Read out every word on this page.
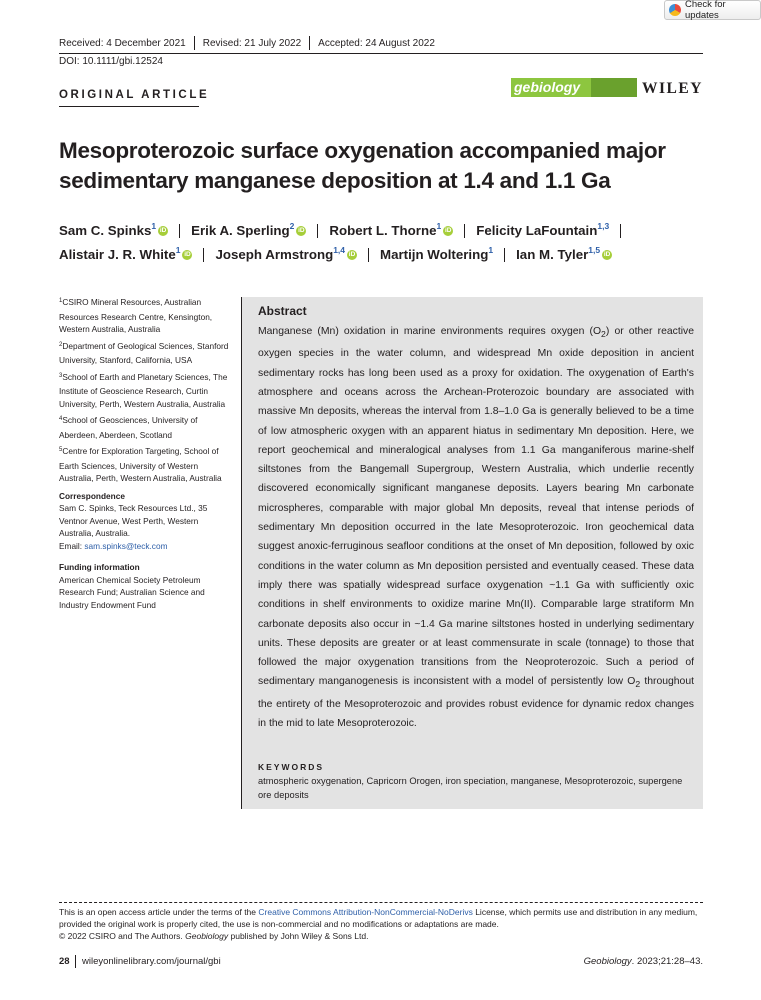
Check for updates
Received: 4 December 2021 Revised: 21 July 2022 Accepted: 24 August 2022
DOI: 10.1111/gbi.12524
ORIGINAL ARTICLE	gebiology	WILEY
Mesoproterozoic surface oxygenation accompanied major sedimentary manganese deposition at 1.4 and 1.1 Ga
Sam C. Spinks$^1$ iD Erik A. Sperling$^2$ iD Robert L. Thorne$^1$ iD Felicity LaFountain$^{1,3}$
Alistair J. R. White$^1$ iD Joseph Armstrong$^{1,4}$ iD Martijn Woltering$^1$ Ian M. Tyler$^{1,5}$ iD

$^1$CSIRO Mineral Resources, Australian Resources Research Centre, Kensington, Western Australia, Australia

$^2$Department of Geological Sciences, Stanford University, Stanford, California, USA

$^3$School of Earth and Planetary Sciences, The Institute of Geoscience Research, Curtin University, Perth, Western Australia, Australia

$^4$School of Geosciences, University of Aberdeen, Aberdeen, Scotland

$^5$Centre for Exploration Targeting, School of Earth Sciences, University of Western Australia, Perth, Western Australia, Australia

Correspondence

Sam C. Spinks, Teck Resources Ltd., 35 Ventnor Avenue, West Perth, Western Australia, Australia.

Email: sam.spinks@teck.com

Funding information

American Chemical Society Petroleum Research Fund; Australian Science and Industry Endowment Fund

Abstract

Manganese (Mn) oxidation in marine environments requires oxygen $(O_2)$ or other reactive oxygen species in the water column, and widespread Mn oxide deposition in ancient sedimentary rocks has long been used as a proxy for oxidation. The oxygenation of Earth's atmosphere and oceans across the Archean-Proterozoic boundary are associated with massive Mn deposits, whereas the interval from 1.8–1.0 Ga is generally believed to be a time of low atmospheric oxygen with an apparent hiatus in sedimentary Mn deposition. Here, we report geochemical and mineralogical analyses from 1.1 Ga manganiferous marine-shelf siltstones from the Bangemall Supergroup, Western Australia, which underlie recently discovered economically significant manganese deposits. Layers bearing Mn carbonate microspheres, comparable with major global Mn deposits, reveal that intense periods of sedimentary Mn deposition occurred in the late Mesoproterozoic. Iron geochemical data suggest anoxic-ferruginous seafloor conditions at the onset of Mn deposition, followed by oxic conditions in the water column as Mn deposition persisted and eventually ceased. These data imply there was spatially widespread surface oxygenation ~1.1 Ga with sufficiently oxic conditions in shelf environments to oxidize marine Mn(II). Comparable large stratiform Mn carbonate deposits also occur in ~1.4 Ga marine siltstones hosted in underlying sedimentary units. These deposits are greater or at least commensurate in scale (tonnage) to those that followed the major oxygenation transitions from the Neoproterozoic. Such a period of sedimentary manganogenesis is inconsistent with a model of persistently low $O_2$ throughout the entirety of the Mesoproterozoic and provides robust evidence for dynamic redox changes in the mid to late Mesoproterozoic.

KEYWORDS

atmospheric oxygenation, Capricorn Orogen, iron speciation, manganese, Mesoproterozoic, supergene ore deposits

This is an open access article under the terms of the Creative Commons Attribution-NonCommercial-NoDerivs License, which permits use and distribution in any medium, provided the original work is properly cited, the use is non-commercial and no modifications or adaptations are made.
© 2022 CSIRO and The Authors. Geobiology published by John Wiley & Sons Ltd.
28 wileyonlinelibrary.com/journal/gbi	Geobiology. 2023;21:28–43.
